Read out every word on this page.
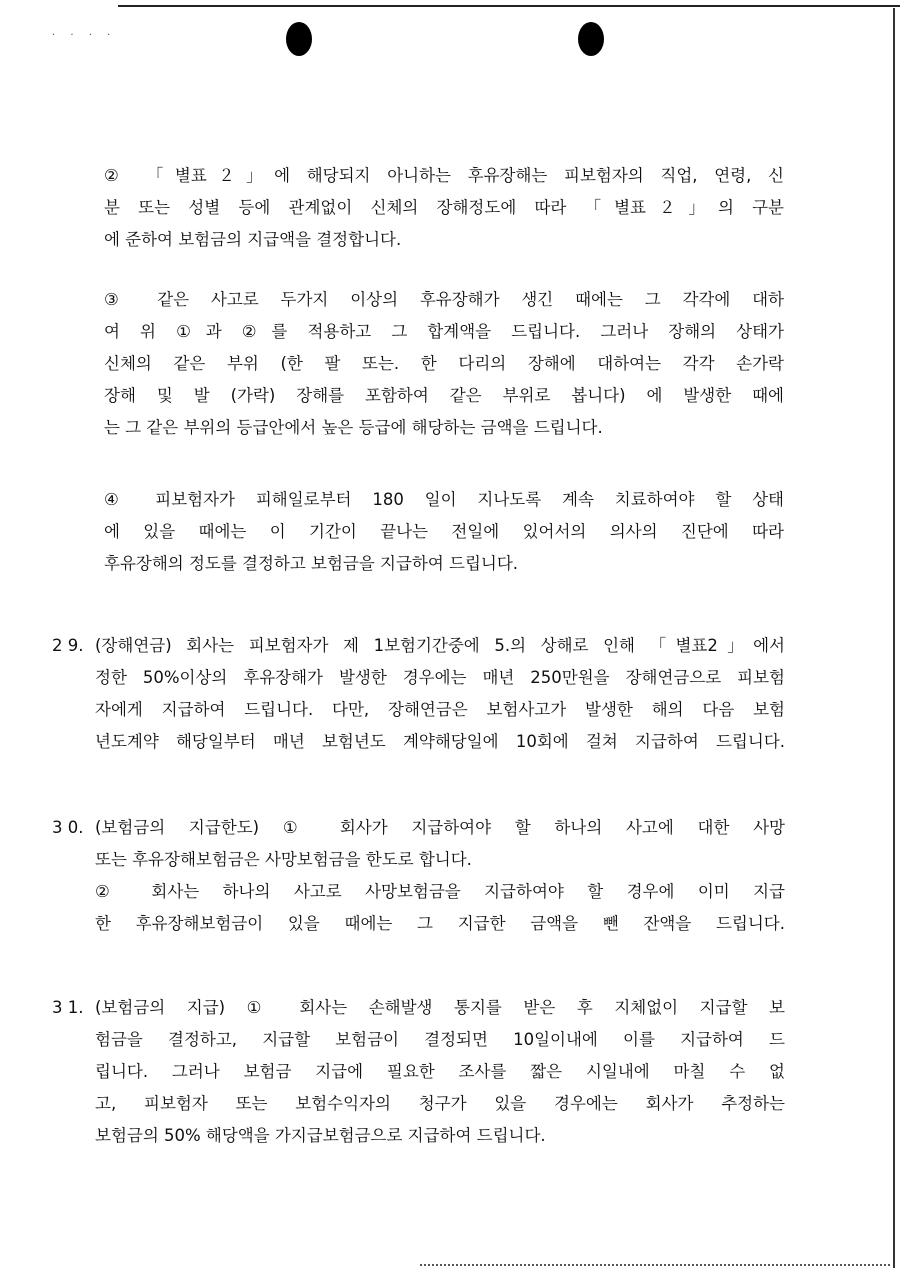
· · · ·
② 「별표２」에 해당되지 아니하는 후유장해는 피보험자의 직업, 연령, 신
분 또는 성별 등에 관계없이 신체의 장해정도에 따라 「별표２」의 구분
에 준하여 보험금의 지급액을 결정합니다.
③ 같은 사고로 두가지 이상의 후유장해가 생긴 때에는 그 각각에 대하
여 위 ①과 ②를 적용하고 그 합계액을 드립니다. 그러나 장해의 상태가
신체의 같은 부위 (한 팔 또는. 한 다리의 장해에 대하여는 각각 손가락
장해 및 발 (가락) 장해를 포함하여 같은 부위로 봅니다) 에 발생한 때에
는 그 같은 부위의 등급안에서 높은 등급에 해당하는 금액을 드립니다.
④ 피보험자가 피해일로부터 180 일이 지나도록 계속 치료하여야 할 상태
에 있을 때에는 이 기간이 끝나는 전일에 있어서의 의사의 진단에 따라
후유장해의 정도를 결정하고 보험금을 지급하여 드립니다.
2 9. (장해연금) 회사는 피보험자가 제 1보험기간중에 5.의 상해로 인해 「별표2」에서
정한 50%이상의 후유장해가 발생한 경우에는 매년 250만원을 장해연금으로 피보험
자에게 지급하여 드립니다. 다만, 장해연금은 보험사고가 발생한 해의 다음 보험
년도계약 해당일부터 매년 보험년도 계약해당일에 10회에 걸쳐 지급하여 드립니다.
3 0. (보험금의 지급한도) ① 회사가 지급하여야 할 하나의 사고에 대한 사망
또는 후유장해보험금은 사망보험금을 한도로 합니다.
② 회사는 하나의 사고로 사망보험금을 지급하여야 할 경우에 이미 지급
한 후유장해보험금이 있을 때에는 그 지급한 금액을 뺀 잔액을 드립니다.
3 1. (보험금의 지급) ① 회사는 손해발생 통지를 받은 후 지체없이 지급할 보
험금을 결정하고, 지급할 보험금이 결정되면 10일이내에 이를 지급하여 드
립니다. 그러나 보험금 지급에 필요한 조사를 짧은 시일내에 마칠 수 없
고, 피보험자 또는 보험수익자의 청구가 있을 경우에는 회사가 추정하는
보험금의 50% 해당액을 가지급보험금으로 지급하여 드립니다.
